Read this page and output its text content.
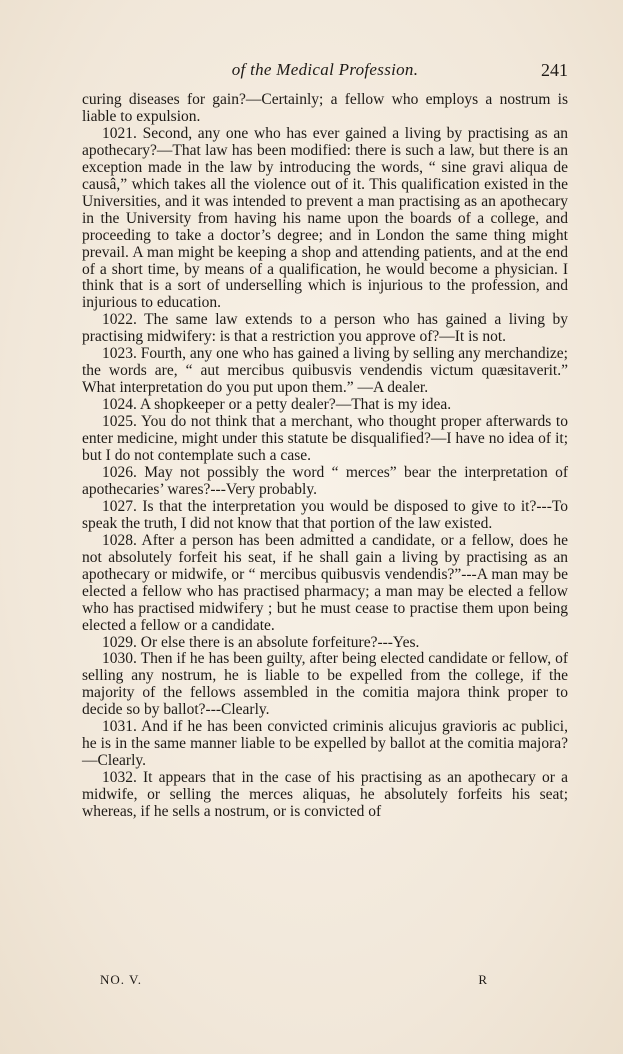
of the Medical Profession.	241

curing diseases for gain?—Certainly; a fellow who employs a nostrum is liable to expulsion.

1021. Second, any one who has ever gained a living by practising as an apothecary?—That law has been modified: there is such a law, but there is an exception made in the law by introducing the words, “ sine gravi aliqua de causâ,” which takes all the violence out of it. This qualification existed in the Universities, and it was intended to prevent a man practising as an apothecary in the University from having his name upon the boards of a college, and proceeding to take a doctor’s degree; and in London the same thing might prevail. A man might be keeping a shop and attending patients, and at the end of a short time, by means of a qualification, he would become a physician. I think that is a sort of underselling which is injurious to the profession, and injurious to education.

1022. The same law extends to a person who has gained a living by practising midwifery: is that a restriction you approve of?—It is not.

1023. Fourth, any one who has gained a living by selling any merchandize; the words are, “ aut mercibus quibusvis vendendis victum quæsitaverit.” What interpretation do you put upon them.” —A dealer.

1024. A shopkeeper or a petty dealer?—That is my idea.

1025. You do not think that a merchant, who thought proper afterwards to enter medicine, might under this statute be disqualified?—I have no idea of it; but I do not contemplate such a case.

1026. May not possibly the word “ merces” bear the interpretation of apothecaries’ wares?---Very probably.

1027. Is that the interpretation you would be disposed to give to it?---To speak the truth, I did not know that that portion of the law existed.

1028. After a person has been admitted a candidate, or a fellow, does he not absolutely forfeit his seat, if he shall gain a living by practising as an apothecary or midwife, or “ mercibus quibusvis vendendis?”---A man may be elected a fellow who has practised pharmacy; a man may be elected a fellow who has practised midwifery ; but he must cease to practise them upon being elected a fellow or a candidate.

1029. Or else there is an absolute forfeiture?---Yes.

1030. Then if he has been guilty, after being elected candidate or fellow, of selling any nostrum, he is liable to be expelled from the college, if the majority of the fellows assembled in the comitia majora think proper to decide so by ballot?---Clearly.

1031. And if he has been convicted criminis alicujus gravioris ac publici, he is in the same manner liable to be expelled by ballot at the comitia majora?—Clearly.

1032. It appears that in the case of his practising as an apothecary or a midwife, or selling the merces aliquas, he absolutely forfeits his seat; whereas, if he sells a nostrum, or is convicted of

NO. V.	R
